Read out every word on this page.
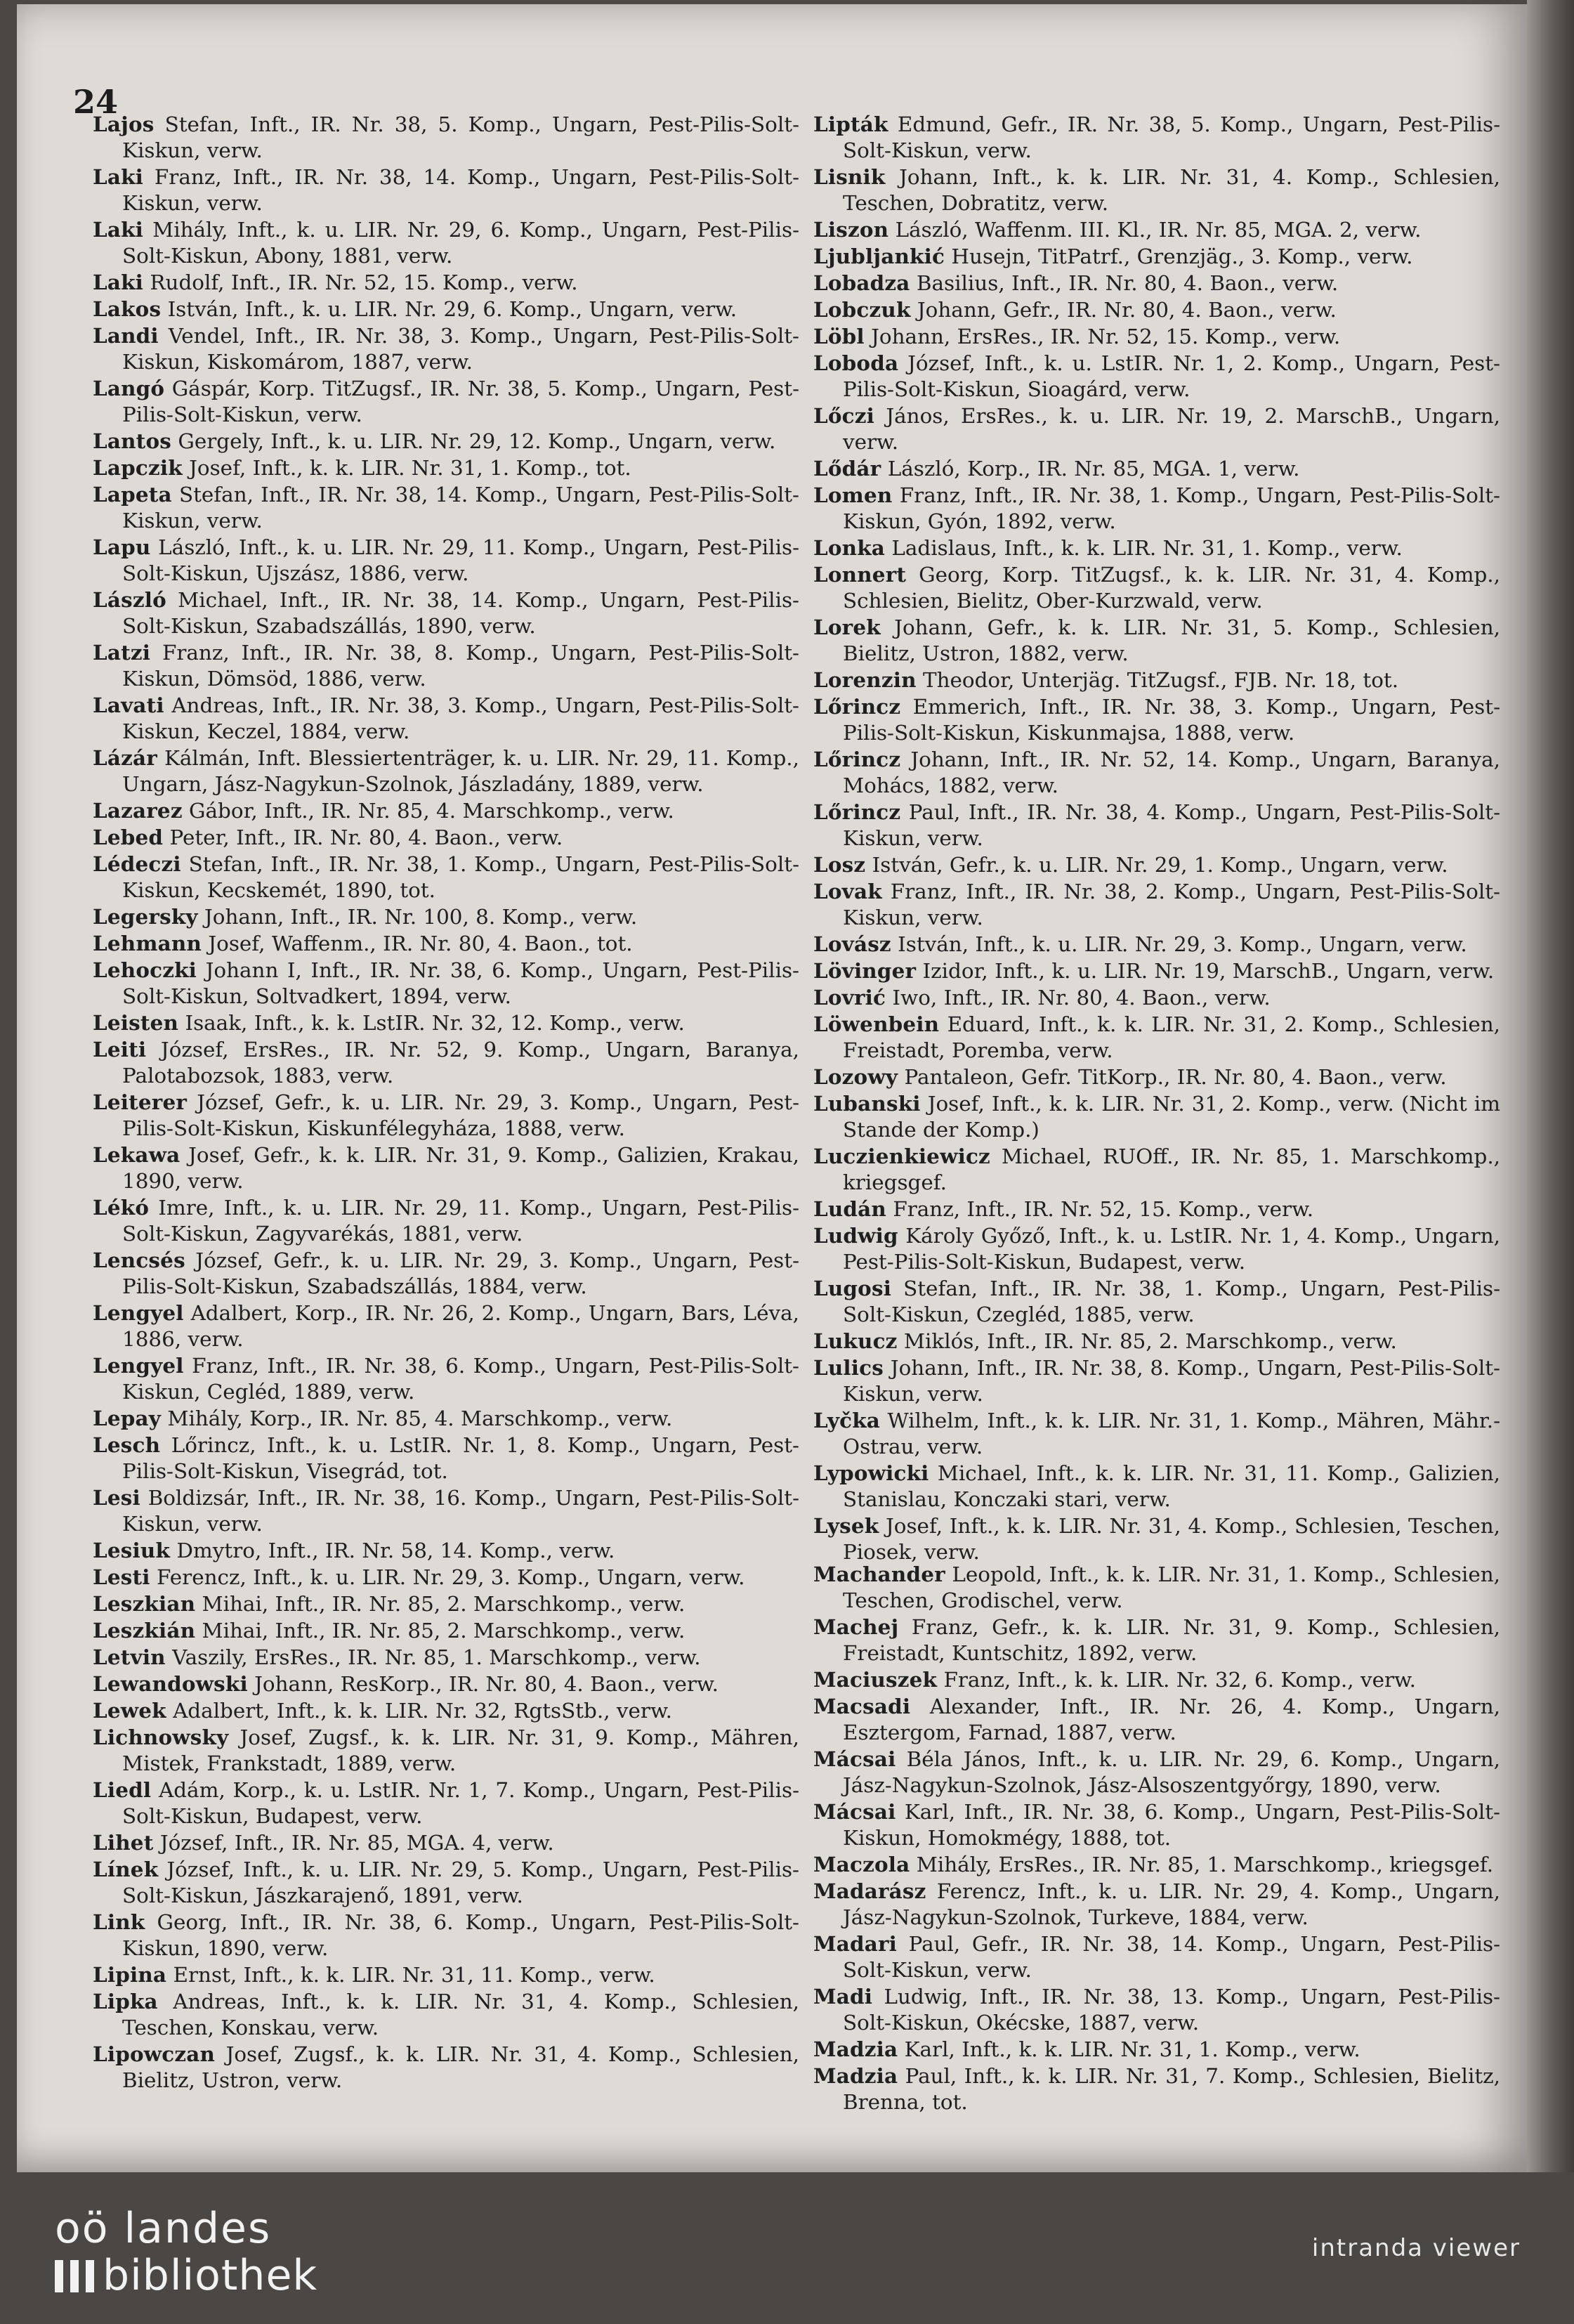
24

Lajos Stefan, Inft., IR. Nr. 38, 5. Komp., Ungarn, Pest-Pilis-Solt-Kiskun, verw.

Laki Franz, Inft., IR. Nr. 38, 14. Komp., Ungarn, Pest-Pilis-Solt-Kiskun, verw.

Laki Mihály, Inft., k. u. LIR. Nr. 29, 6. Komp., Ungarn, Pest-Pilis-Solt-Kiskun, Abony, 1881, verw.

Laki Rudolf, Inft., IR. Nr. 52, 15. Komp., verw.

Lakos István, Inft., k. u. LIR. Nr. 29, 6. Komp., Ungarn, verw.

Landi Vendel, Inft., IR. Nr. 38, 3. Komp., Ungarn, Pest-Pilis-Solt-Kiskun, Kiskomárom, 1887, verw.

Langó Gáspár, Korp. TitZugsf., IR. Nr. 38, 5. Komp., Ungarn, Pest-Pilis-Solt-Kiskun, verw.

Lantos Gergely, Inft., k. u. LIR. Nr. 29, 12. Komp., Ungarn, verw.

Lapczik Josef, Inft., k. k. LIR. Nr. 31, 1. Komp., tot.

Lapeta Stefan, Inft., IR. Nr. 38, 14. Komp., Ungarn, Pest-Pilis-Solt-Kiskun, verw.

Lapu László, Inft., k. u. LIR. Nr. 29, 11. Komp., Ungarn, Pest-Pilis-Solt-Kiskun, Ujszász, 1886, verw.

László Michael, Inft., IR. Nr. 38, 14. Komp., Ungarn, Pest-Pilis-Solt-Kiskun, Szabadszállás, 1890, verw.

Latzi Franz, Inft., IR. Nr. 38, 8. Komp., Ungarn, Pest-Pilis-Solt-Kiskun, Dömsöd, 1886, verw.

Lavati Andreas, Inft., IR. Nr. 38, 3. Komp., Ungarn, Pest-Pilis-Solt-Kiskun, Keczel, 1884, verw.

Lázár Kálmán, Inft. Blessiertenträger, k. u. LIR. Nr. 29, 11. Komp., Ungarn, Jász-Nagykun-Szolnok, Jászladány, 1889, verw.

Lazarez Gábor, Inft., IR. Nr. 85, 4. Marschkomp., verw.

Lebed Peter, Inft., IR. Nr. 80, 4. Baon., verw.

Lédeczi Stefan, Inft., IR. Nr. 38, 1. Komp., Ungarn, Pest-Pilis-Solt-Kiskun, Kecskemét, 1890, tot.

Legersky Johann, Inft., IR. Nr. 100, 8. Komp., verw.

Lehmann Josef, Waffenm., IR. Nr. 80, 4. Baon., tot.

Lehoczki Johann I, Inft., IR. Nr. 38, 6. Komp., Ungarn, Pest-Pilis-Solt-Kiskun, Soltvadkert, 1894, verw.

Leisten Isaak, Inft., k. k. LstIR. Nr. 32, 12. Komp., verw.

Leiti József, ErsRes., IR. Nr. 52, 9. Komp., Ungarn, Baranya, Palotabozsok, 1883, verw.

Leiterer József, Gefr., k. u. LIR. Nr. 29, 3. Komp., Ungarn, Pest-Pilis-Solt-Kiskun, Kiskunfélegyháza, 1888, verw.

Lekawa Josef, Gefr., k. k. LIR. Nr. 31, 9. Komp., Galizien, Krakau, 1890, verw.

Lékó Imre, Inft., k. u. LIR. Nr. 29, 11. Komp., Ungarn, Pest-Pilis-Solt-Kiskun, Zagyvarékás, 1881, verw.

Lencsés József, Gefr., k. u. LIR. Nr. 29, 3. Komp., Ungarn, Pest-Pilis-Solt-Kiskun, Szabadszállás, 1884, verw.

Lengyel Adalbert, Korp., IR. Nr. 26, 2. Komp., Ungarn, Bars, Léva, 1886, verw.

Lengyel Franz, Inft., IR. Nr. 38, 6. Komp., Ungarn, Pest-Pilis-Solt-Kiskun, Cegléd, 1889, verw.

Lepay Mihály, Korp., IR. Nr. 85, 4. Marschkomp., verw.

Lesch Lőrincz, Inft., k. u. LstIR. Nr. 1, 8. Komp., Ungarn, Pest-Pilis-Solt-Kiskun, Visegrád, tot.

Lesi Boldizsár, Inft., IR. Nr. 38, 16. Komp., Ungarn, Pest-Pilis-Solt-Kiskun, verw.

Lesiuk Dmytro, Inft., IR. Nr. 58, 14. Komp., verw.

Lesti Ferencz, Inft., k. u. LIR. Nr. 29, 3. Komp., Ungarn, verw.

Leszkian Mihai, Inft., IR. Nr. 85, 2. Marschkomp., verw.

Leszkián Mihai, Inft., IR. Nr. 85, 2. Marschkomp., verw.

Letvin Vaszily, ErsRes., IR. Nr. 85, 1. Marschkomp., verw.

Lewandowski Johann, ResKorp., IR. Nr. 80, 4. Baon., verw.

Lewek Adalbert, Inft., k. k. LIR. Nr. 32, RgtsStb., verw.

Lichnowsky Josef, Zugsf., k. k. LIR. Nr. 31, 9. Komp., Mähren, Mistek, Frankstadt, 1889, verw.

Liedl Adám, Korp., k. u. LstIR. Nr. 1, 7. Komp., Ungarn, Pest-Pilis-Solt-Kiskun, Budapest, verw.

Lihet József, Inft., IR. Nr. 85, MGA. 4, verw.

Línek József, Inft., k. u. LIR. Nr. 29, 5. Komp., Ungarn, Pest-Pilis-Solt-Kiskun, Jászkarajenő, 1891, verw.

Link Georg, Inft., IR. Nr. 38, 6. Komp., Ungarn, Pest-Pilis-Solt-Kiskun, 1890, verw.

Lipina Ernst, Inft., k. k. LIR. Nr. 31, 11. Komp., verw.

Lipka Andreas, Inft., k. k. LIR. Nr. 31, 4. Komp., Schlesien, Teschen, Konskau, verw.

Lipowczan Josef, Zugsf., k. k. LIR. Nr. 31, 4. Komp., Schlesien, Bielitz, Ustron, verw.

Lipták Edmund, Gefr., IR. Nr. 38, 5. Komp., Ungarn, Pest-Pilis-Solt-Kiskun, verw.

Lisnik Johann, Inft., k. k. LIR. Nr. 31, 4. Komp., Schlesien, Teschen, Dobratitz, verw.

Liszon László, Waffenm. III. Kl., IR. Nr. 85, MGA. 2, verw.

Ljubljankić Husejn, TitPatrf., Grenzjäg., 3. Komp., verw.

Lobadza Basilius, Inft., IR. Nr. 80, 4. Baon., verw.

Lobczuk Johann, Gefr., IR. Nr. 80, 4. Baon., verw.

Löbl Johann, ErsRes., IR. Nr. 52, 15. Komp., verw.

Loboda József, Inft., k. u. LstIR. Nr. 1, 2. Komp., Ungarn, Pest-Pilis-Solt-Kiskun, Sioagárd, verw.

Lőczi János, ErsRes., k. u. LIR. Nr. 19, 2. MarschB., Ungarn, verw.

Lődár László, Korp., IR. Nr. 85, MGA. 1, verw.

Lomen Franz, Inft., IR. Nr. 38, 1. Komp., Ungarn, Pest-Pilis-Solt-Kiskun, Gyón, 1892, verw.

Lonka Ladislaus, Inft., k. k. LIR. Nr. 31, 1. Komp., verw.

Lonnert Georg, Korp. TitZugsf., k. k. LIR. Nr. 31, 4. Komp., Schlesien, Bielitz, Ober-Kurzwald, verw.

Lorek Johann, Gefr., k. k. LIR. Nr. 31, 5. Komp., Schlesien, Bielitz, Ustron, 1882, verw.

Lorenzin Theodor, Unterjäg. TitZugsf., FJB. Nr. 18, tot.

Lőrincz Emmerich, Inft., IR. Nr. 38, 3. Komp., Ungarn, Pest-Pilis-Solt-Kiskun, Kiskunmajsa, 1888, verw.

Lőrincz Johann, Inft., IR. Nr. 52, 14. Komp., Ungarn, Baranya, Mohács, 1882, verw.

Lőrincz Paul, Inft., IR. Nr. 38, 4. Komp., Ungarn, Pest-Pilis-Solt-Kiskun, verw.

Losz István, Gefr., k. u. LIR. Nr. 29, 1. Komp., Ungarn, verw.

Lovak Franz, Inft., IR. Nr. 38, 2. Komp., Ungarn, Pest-Pilis-Solt-Kiskun, verw.

Lovász István, Inft., k. u. LIR. Nr. 29, 3. Komp., Ungarn, verw.

Lövinger Izidor, Inft., k. u. LIR. Nr. 19, MarschB., Ungarn, verw.

Lovrić Iwo, Inft., IR. Nr. 80, 4. Baon., verw.

Löwenbein Eduard, Inft., k. k. LIR. Nr. 31, 2. Komp., Schlesien, Freistadt, Poremba, verw.

Lozowy Pantaleon, Gefr. TitKorp., IR. Nr. 80, 4. Baon., verw.

Lubanski Josef, Inft., k. k. LIR. Nr. 31, 2. Komp., verw. (Nicht im Stande der Komp.)

Luczienkiewicz Michael, RUOff., IR. Nr. 85, 1. Marschkomp., kriegsgef.

Ludán Franz, Inft., IR. Nr. 52, 15. Komp., verw.

Ludwig Károly Győző, Inft., k. u. LstIR. Nr. 1, 4. Komp., Ungarn, Pest-Pilis-Solt-Kiskun, Budapest, verw.

Lugosi Stefan, Inft., IR. Nr. 38, 1. Komp., Ungarn, Pest-Pilis-Solt-Kiskun, Czegléd, 1885, verw.

Lukucz Miklós, Inft., IR. Nr. 85, 2. Marschkomp., verw.

Lulics Johann, Inft., IR. Nr. 38, 8. Komp., Ungarn, Pest-Pilis-Solt-Kiskun, verw.

Lyčka Wilhelm, Inft., k. k. LIR. Nr. 31, 1. Komp., Mähren, Mähr.-Ostrau, verw.

Lypowicki Michael, Inft., k. k. LIR. Nr. 31, 11. Komp., Galizien, Stanislau, Konczaki stari, verw.

Lysek Josef, Inft., k. k. LIR. Nr. 31, 4. Komp., Schlesien, Teschen, Piosek, verw.

Machander Leopold, Inft., k. k. LIR. Nr. 31, 1. Komp., Schlesien, Teschen, Grodischel, verw.

Machej Franz, Gefr., k. k. LIR. Nr. 31, 9. Komp., Schlesien, Freistadt, Kuntschitz, 1892, verw.

Maciuszek Franz, Inft., k. k. LIR. Nr. 32, 6. Komp., verw.

Macsadi Alexander, Inft., IR. Nr. 26, 4. Komp., Ungarn, Esztergom, Farnad, 1887, verw.

Mácsai Béla János, Inft., k. u. LIR. Nr. 29, 6. Komp., Ungarn, Jász-Nagykun-Szolnok, Jász-Alsoszentgyőrgy, 1890, verw.

Mácsai Karl, Inft., IR. Nr. 38, 6. Komp., Ungarn, Pest-Pilis-Solt-Kiskun, Homokmégy, 1888, tot.

Maczola Mihály, ErsRes., IR. Nr. 85, 1. Marschkomp., kriegsgef.

Madarász Ferencz, Inft., k. u. LIR. Nr. 29, 4. Komp., Ungarn, Jász-Nagykun-Szolnok, Turkeve, 1884, verw.

Madari Paul, Gefr., IR. Nr. 38, 14. Komp., Ungarn, Pest-Pilis-Solt-Kiskun, verw.

Madi Ludwig, Inft., IR. Nr. 38, 13. Komp., Ungarn, Pest-Pilis-Solt-Kiskun, Okécske, 1887, verw.

Madzia Karl, Inft., k. k. LIR. Nr. 31, 1. Komp., verw.

Madzia Paul, Inft., k. k. LIR. Nr. 31, 7. Komp., Schlesien, Bielitz, Brenna, tot.

oö landes
bibliothek
intranda viewer
